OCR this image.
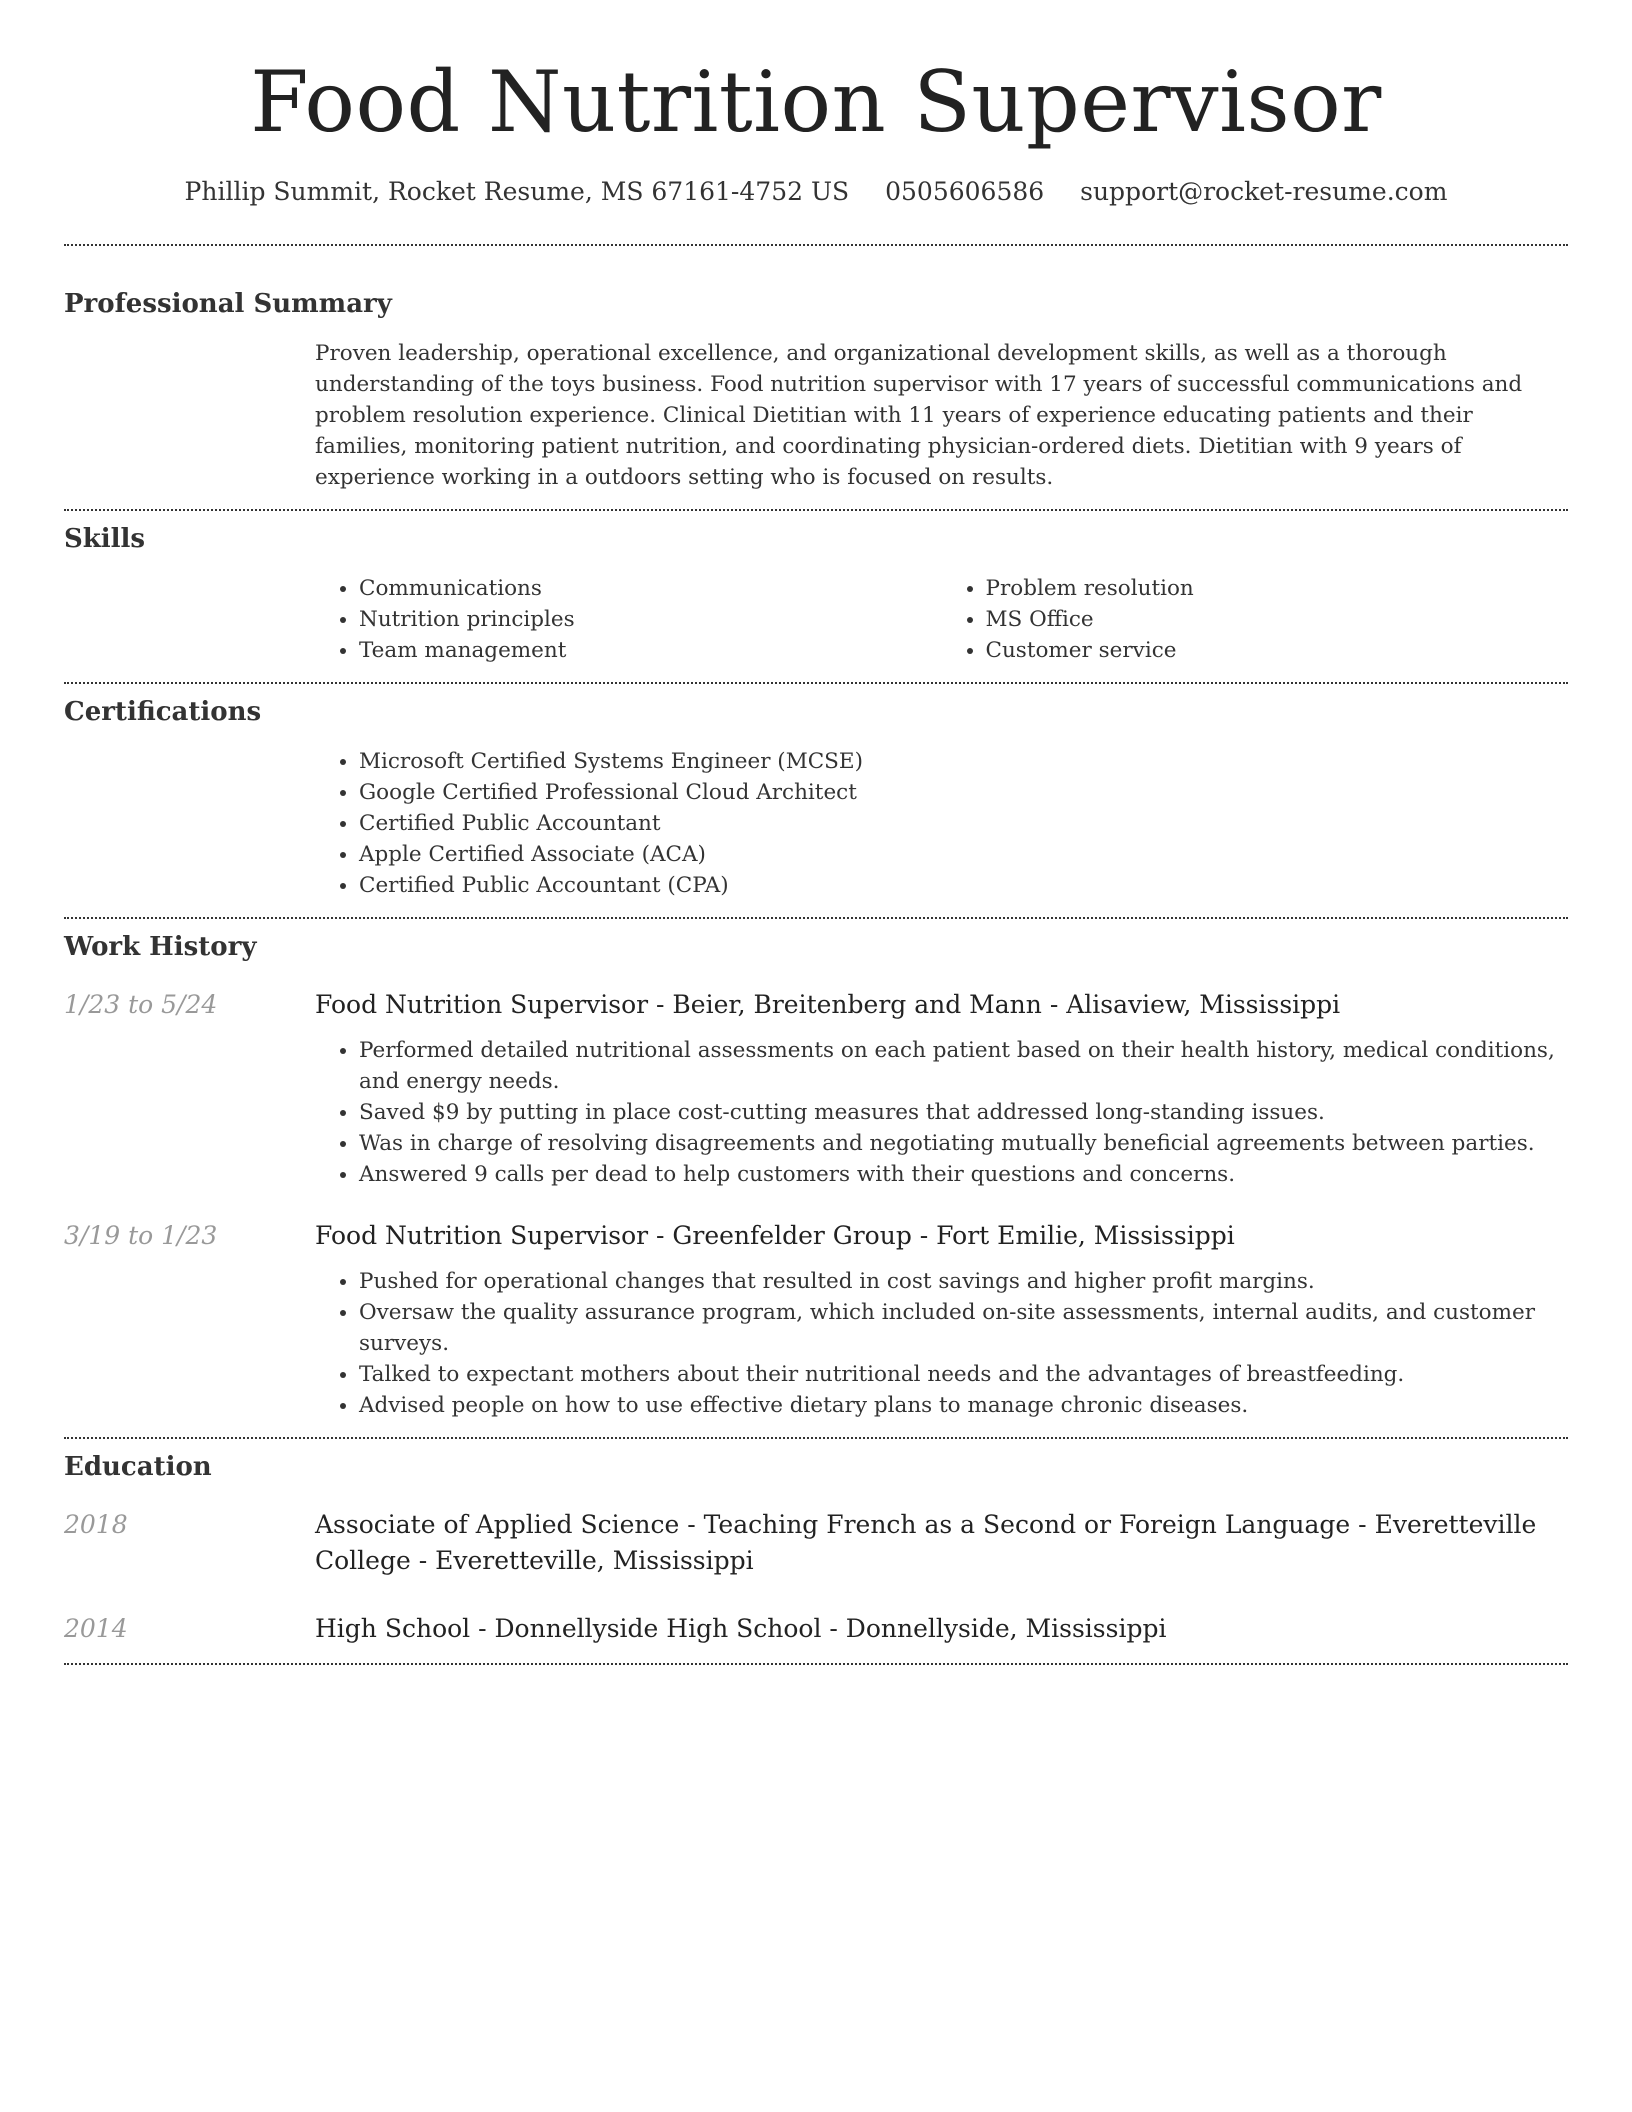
Food Nutrition Supervisor
Phillip Summit, Rocket Resume, MS 67161-4752 US 0505606586 support@rocket-resume.com
Professional Summary

Proven leadership, operational excellence, and organizational development skills, as well as a thorough understanding of the toys business. Food nutrition supervisor with 17 years of successful communications and problem resolution experience. Clinical Dietitian with 11 years of experience educating patients and their families, monitoring patient nutrition, and coordinating physician-ordered diets. Dietitian with 9 years of experience working in a outdoors setting who is focused on results.

Skills
• Communications
• Nutrition principles
• Team management
• Problem resolution
• MS Office
• Customer service
Certifications
• Microsoft Certified Systems Engineer (MCSE)
• Google Certified Professional Cloud Architect
• Certified Public Accountant
• Apple Certified Associate (ACA)
• Certified Public Accountant (CPA)
Work History
1/23 to 5/24	Food Nutrition Supervisor - Beier, Breitenberg and Mann - Alisaview, Mississippi
• Performed detailed nutritional assessments on each patient based on their health history, medical conditions, and energy needs.
• Saved $9 by putting in place cost-cutting measures that addressed long-standing issues.
• Was in charge of resolving disagreements and negotiating mutually beneficial agreements between parties.
• Answered 9 calls per dead to help customers with their questions and concerns.
3/19 to 1/23	Food Nutrition Supervisor - Greenfelder Group - Fort Emilie, Mississippi
• Pushed for operational changes that resulted in cost savings and higher profit margins.
• Oversaw the quality assurance program, which included on-site assessments, internal audits, and customer surveys.
• Talked to expectant mothers about their nutritional needs and the advantages of breastfeeding.
• Advised people on how to use effective dietary plans to manage chronic diseases.
Education
2018	Associate of Applied Science - Teaching French as a Second or Foreign Language - Everetteville College - Everetteville, Mississippi
2014	High School - Donnellyside High School - Donnellyside, Mississippi
